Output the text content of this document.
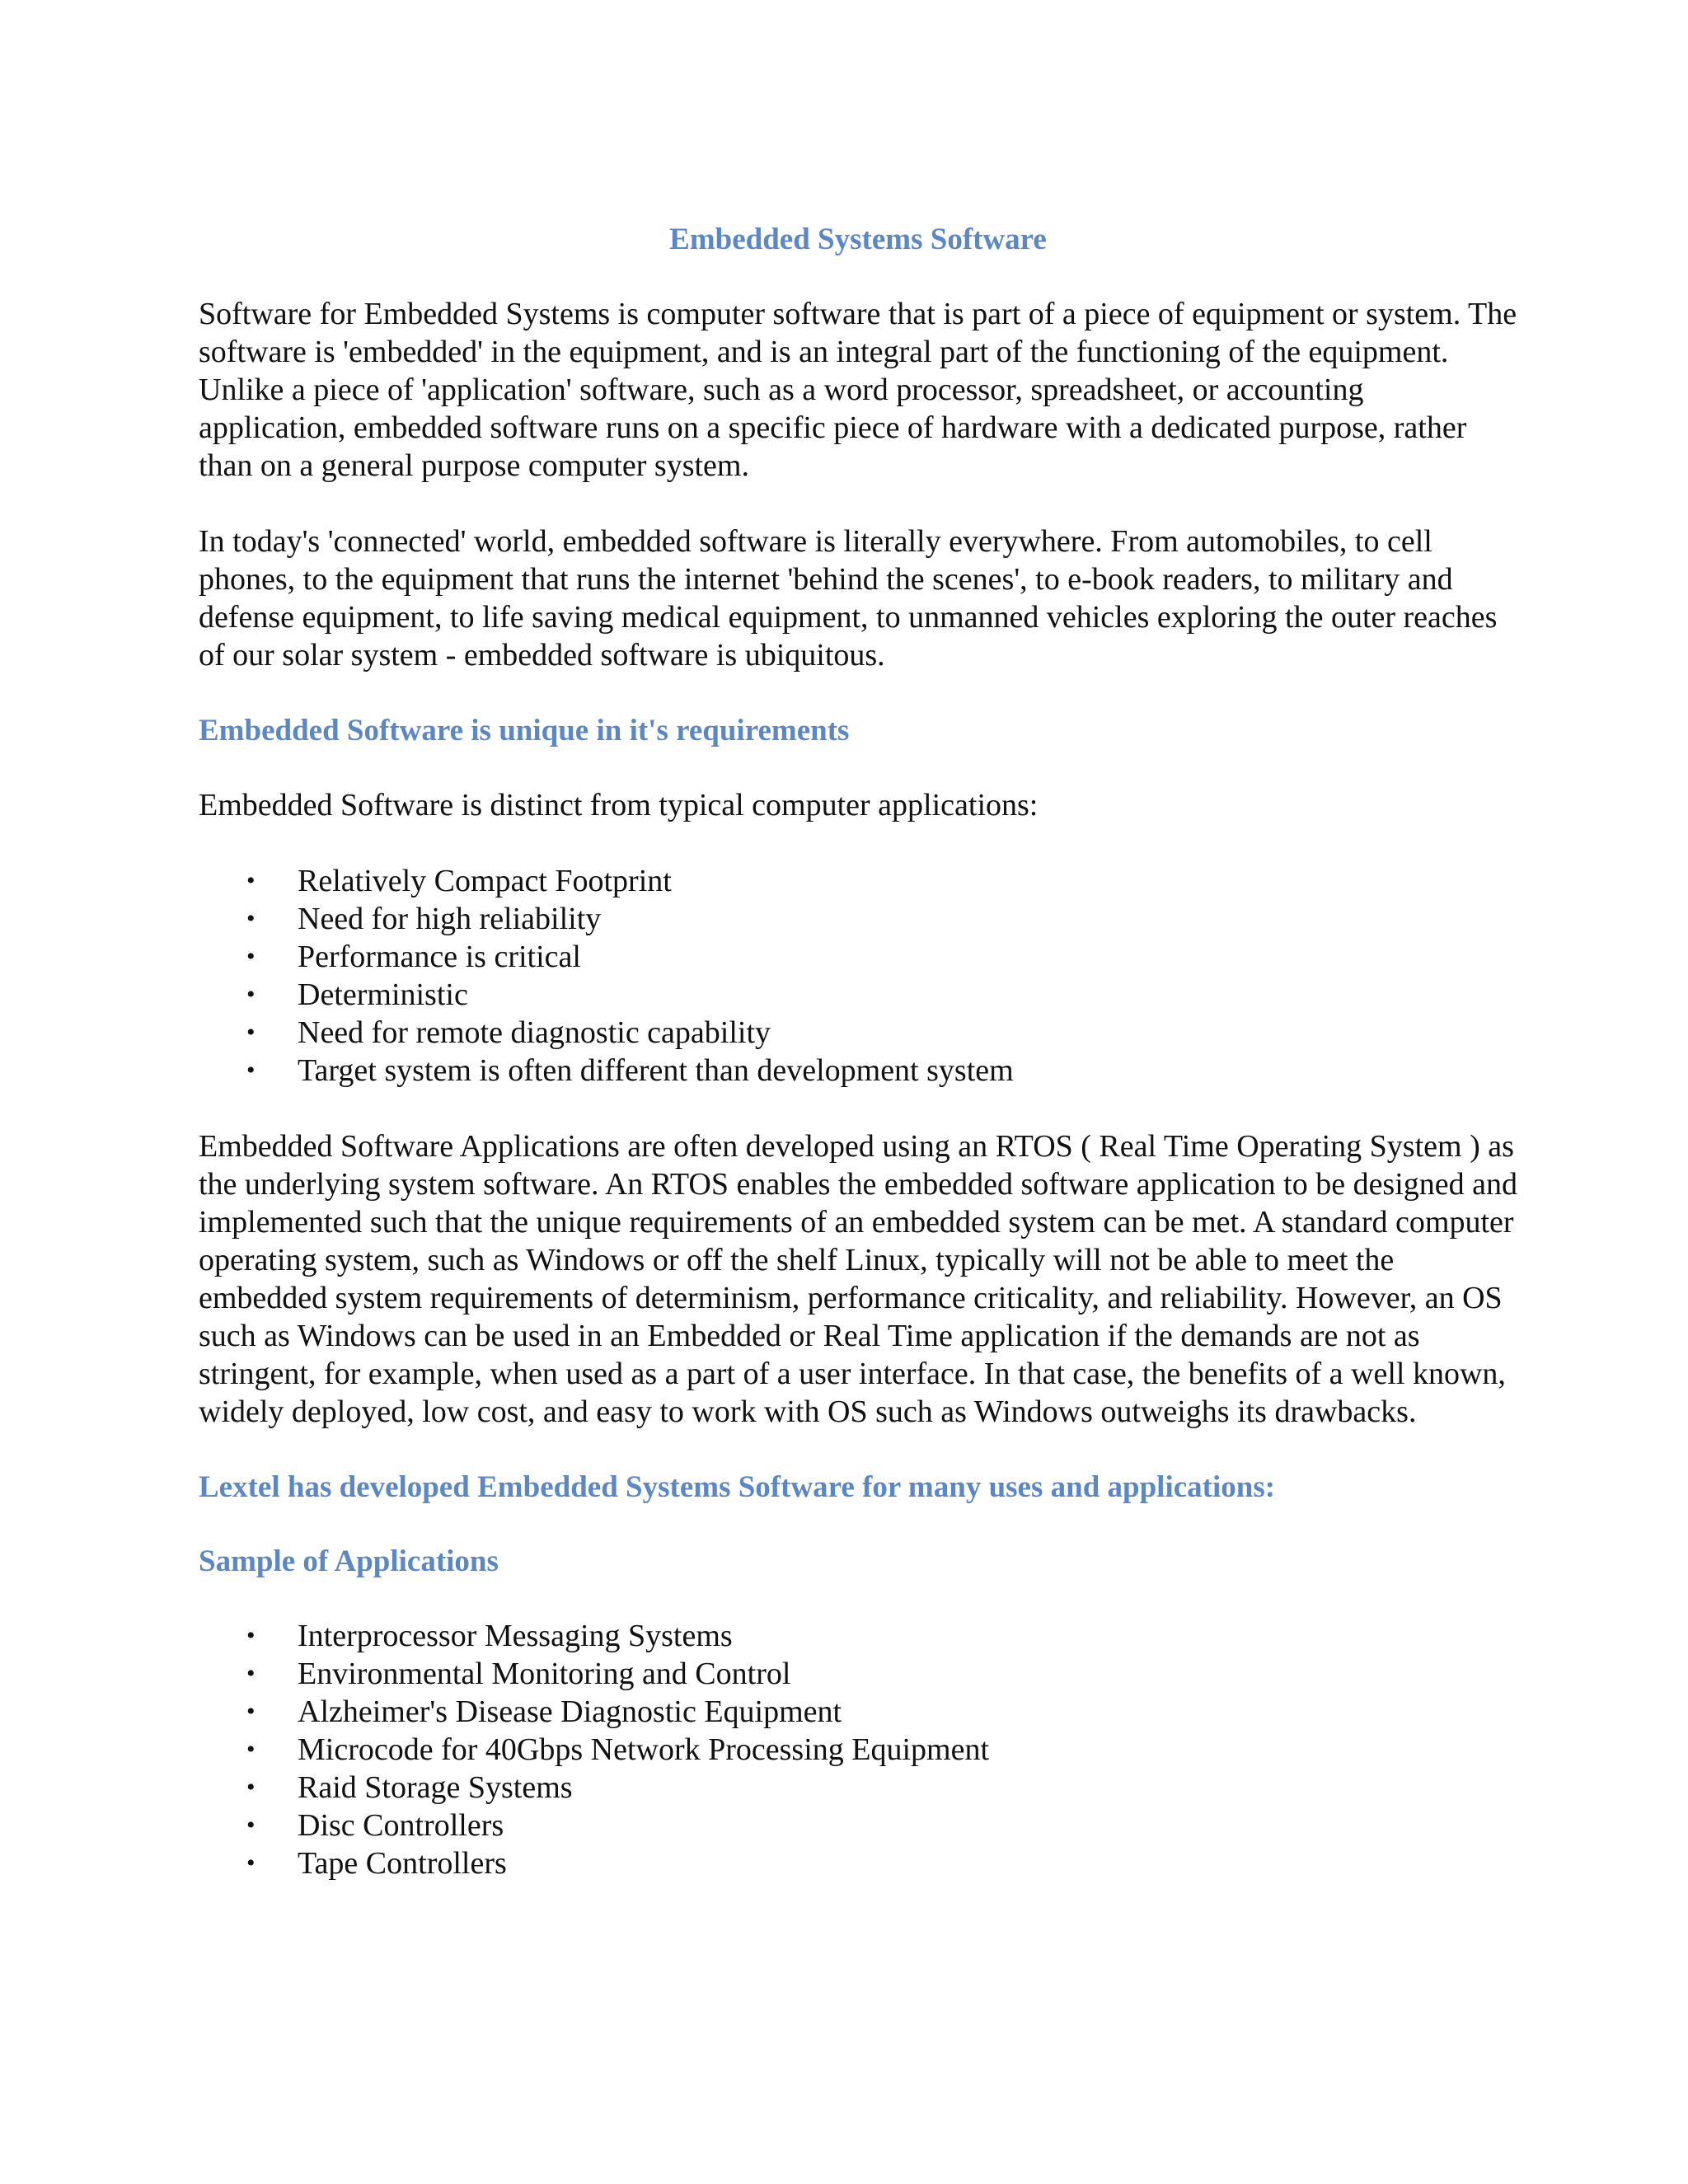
Embedded Systems Software

Software for Embedded Systems is computer software that is part of a piece of equipment or system. The software is 'embedded' in the equipment, and is an integral part of the functioning of the equipment. Unlike a piece of 'application' software, such as a word processor, spreadsheet, or accounting application, embedded software runs on a specific piece of hardware with a dedicated purpose, rather than on a general purpose computer system.

In today's 'connected' world, embedded software is literally everywhere. From automobiles, to cell phones, to the equipment that runs the internet 'behind the scenes', to e-book readers, to military and defense equipment, to life saving medical equipment, to unmanned vehicles exploring the outer reaches of our solar system - embedded software is ubiquitous.

Embedded Software is unique in it's requirements

Embedded Software is distinct from typical computer applications:

• Relatively Compact Footprint
• Need for high reliability
• Performance is critical
• Deterministic
• Need for remote diagnostic capability
• Target system is often different than development system

Embedded Software Applications are often developed using an RTOS ( Real Time Operating System ) as the underlying system software. An RTOS enables the embedded software application to be designed and implemented such that the unique requirements of an embedded system can be met. A standard computer operating system, such as Windows or off the shelf Linux, typically will not be able to meet the embedded system requirements of determinism, performance criticality, and reliability. However, an OS such as Windows can be used in an Embedded or Real Time application if the demands are not as stringent, for example, when used as a part of a user interface. In that case, the benefits of a well known, widely deployed, low cost, and easy to work with OS such as Windows outweighs its drawbacks.

Lextel has developed Embedded Systems Software for many uses and applications:
Sample of Applications
• Interprocessor Messaging Systems
• Environmental Monitoring and Control
• Alzheimer's Disease Diagnostic Equipment
• Microcode for 40Gbps Network Processing Equipment
• Raid Storage Systems
• Disc Controllers
• Tape Controllers
